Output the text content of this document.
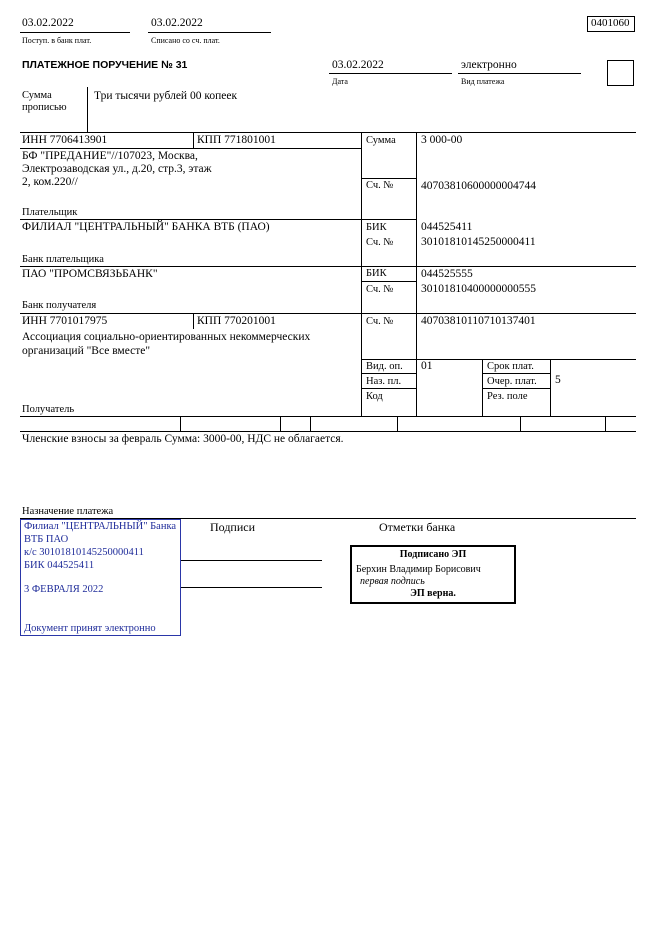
03.02.2022
Поступ. в банк плат.
03.02.2022
Списано со сч. плат.
0401060
ПЛАТЕЖНОЕ ПОРУЧЕНИЕ № 31	03.02.2022
Дата
электронно
Вид платежа
Сумма
прописью
Три тысячи рублей 00 копеек
ИНН 7706413901	КПП 771801001
БФ "ПРЕДАНИЕ"//107023, Москва,
Электрозаводская ул., д.20, стр.3, этаж
2, ком.220//
Плательщик
Сумма 3 000-00
Сч. № 40703810600000004744
ФИЛИАЛ "ЦЕНТРАЛЬНЫЙ" БАНКА ВТБ (ПАО)
Банк плательщика
БИК	044525411
Сч. № 30101810145250000411
ПАО "ПРОМСВЯЗЬБАНК"
Банк получателя
БИК	044525555
Сч. № 30101810400000000555
ИНН 7701017975	КПП 770201001	Сч. № 40703810110710137401
Ассоциация социально-ориентированных некоммерческих
организаций "Все вместе"
Получатель
Вид. оп. 01
Наз. пл.
Код
Срок плат.
Очер. плат. 5
Рез. поле
Членские взносы за февраль Сумма: 3000-00, НДС не облагается.
Назначение платежа
Подписи	Отметки банка
Филиал "ЦЕНТРАЛЬНЫЙ" Банка
ВТБ ПАО
к/с 30101810145250000411
БИК 044525411
3 ФЕВРАЛЯ 2022
Документ принят электронно
Подписано ЭП
Берхин Владимир Борисович
первая подпись
ЭП верна.
